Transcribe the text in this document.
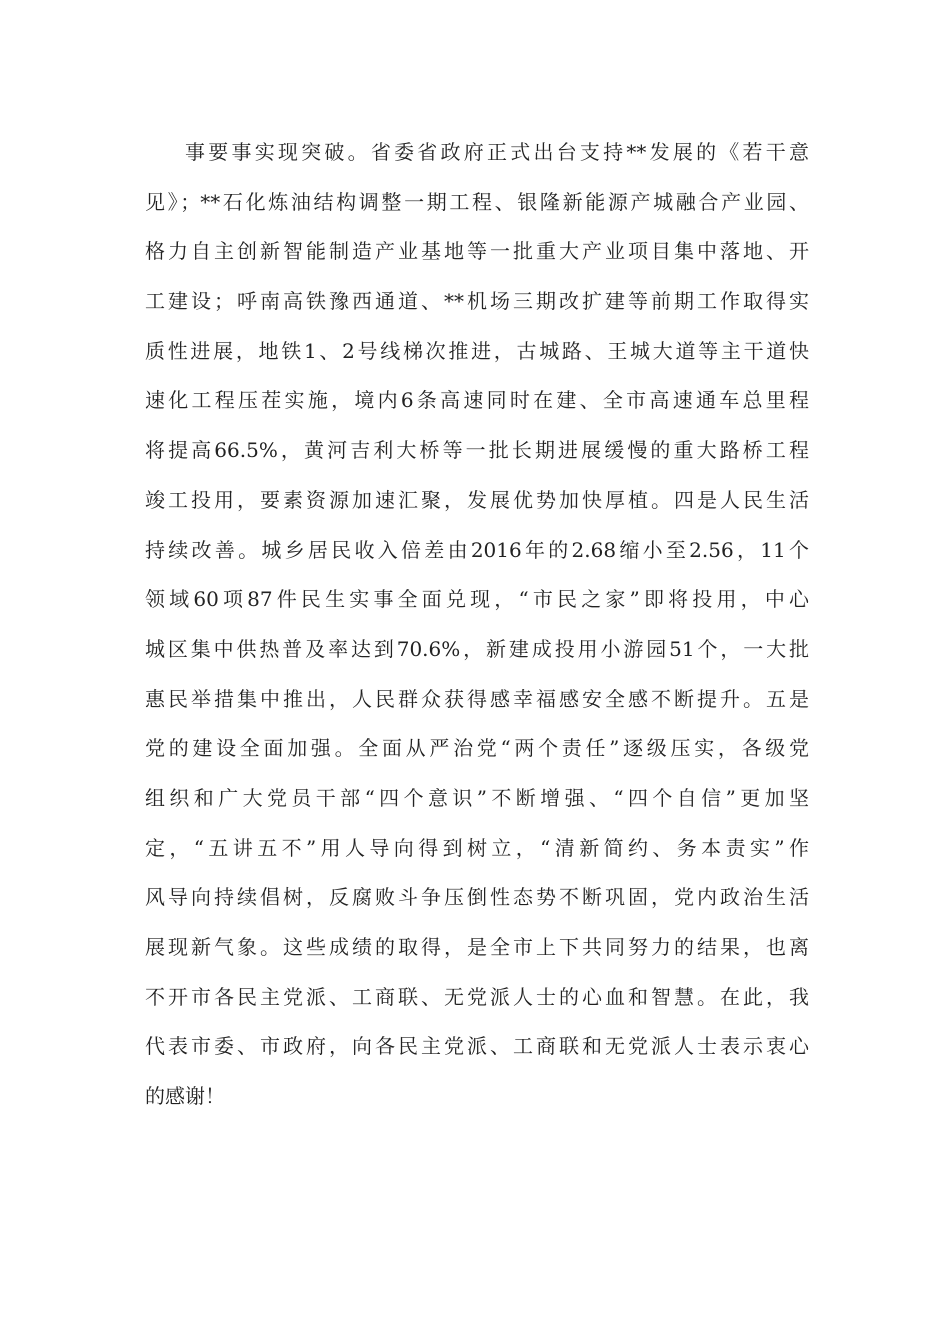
事要事实现突破。省委省政府正式出台支持**发展的《若干意
见》；**石化炼油结构调整一期工程、银隆新能源产城融合产业园、
格力自主创新智能制造产业基地等一批重大产业项目集中落地、开
工建设；呼南高铁豫西通道、**机场三期改扩建等前期工作取得实
质性进展，地铁1、2号线梯次推进，古城路、王城大道等主干道快
速化工程压茬实施，境内6条高速同时在建、全市高速通车总里程
将提高66.5%，黄河吉利大桥等一批长期进展缓慢的重大路桥工程
竣工投用，要素资源加速汇聚，发展优势加快厚植。四是人民生活
持续改善。城乡居民收入倍差由2016年的2.68缩小至2.56，11个
领域60项87件民生实事全面兑现，“市民之家”即将投用，中心
城区集中供热普及率达到70.6%，新建成投用小游园51个，一大批
惠民举措集中推出，人民群众获得感幸福感安全感不断提升。五是
党的建设全面加强。全面从严治党“两个责任”逐级压实，各级党
组织和广大党员干部“四个意识”不断增强、“四个自信”更加坚
定，“五讲五不”用人导向得到树立，“清新简约、务本责实”作
风导向持续倡树，反腐败斗争压倒性态势不断巩固，党内政治生活
展现新气象。这些成绩的取得，是全市上下共同努力的结果，也离
不开市各民主党派、工商联、无党派人士的心血和智慧。在此，我
代表市委、市政府，向各民主党派、工商联和无党派人士表示衷心
的感谢！
